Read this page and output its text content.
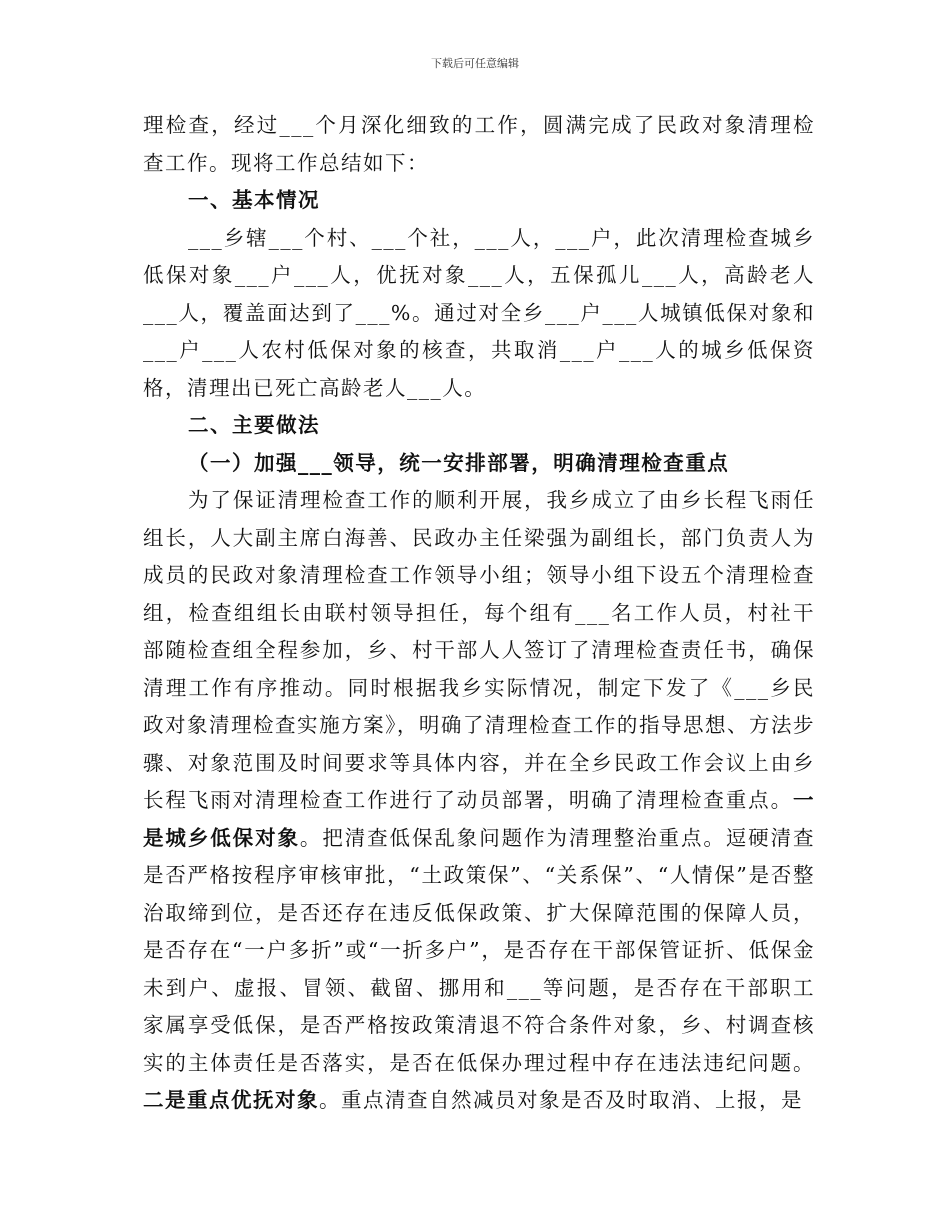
下载后可任意编辑

理检查，经过___个月深化细致的工作，圆满完成了民政对象清理检查工作。现将工作总结如下：

一、基本情况

___乡辖___个村、___个社，___人，___户，此次清理检查城乡低保对象___户___人，优抚对象___人，五保孤儿___人，高龄老人___人，覆盖面达到了___%。通过对全乡___户___人城镇低保对象和___户___人农村低保对象的核查，共取消___户___人的城乡低保资格，清理出已死亡高龄老人___人。

二、主要做法

（一）加强___领导，统一安排部署，明确清理检查重点

为了保证清理检查工作的顺利开展，我乡成立了由乡长程飞雨任组长，人大副主席白海善、民政办主任梁强为副组长，部门负责人为成员的民政对象清理检查工作领导小组；领导小组下设五个清理检查组，检查组组长由联村领导担任，每个组有___名工作人员，村社干部随检查组全程参加，乡、村干部人人签订了清理检查责任书，确保清理工作有序推动。同时根据我乡实际情况，制定下发了《___乡民政对象清理检查实施方案》，明确了清理检查工作的指导思想、方法步骤、对象范围及时间要求等具体内容，并在全乡民政工作会议上由乡长程飞雨对清理检查工作进行了动员部署，明确了清理检查重点。一是城乡低保对象。把清查低保乱象问题作为清理整治重点。逗硬清查是否严格按程序审核审批，“土政策保”、“关系保”、“人情保”是否整治取缔到位，是否还存在违反低保政策、扩大保障范围的保障人员，是否存在“一户多折”或“一折多户”，是否存在干部保管证折、低保金未到户、虚报、冒领、截留、挪用和___等问题，是否存在干部职工家属享受低保，是否严格按政策清退不符合条件对象，乡、村调查核实的主体责任是否落实，是否在低保办理过程中存在违法违纪问题。二是重点优抚对象。重点清查自然减员对象是否及时取消、上报，是
